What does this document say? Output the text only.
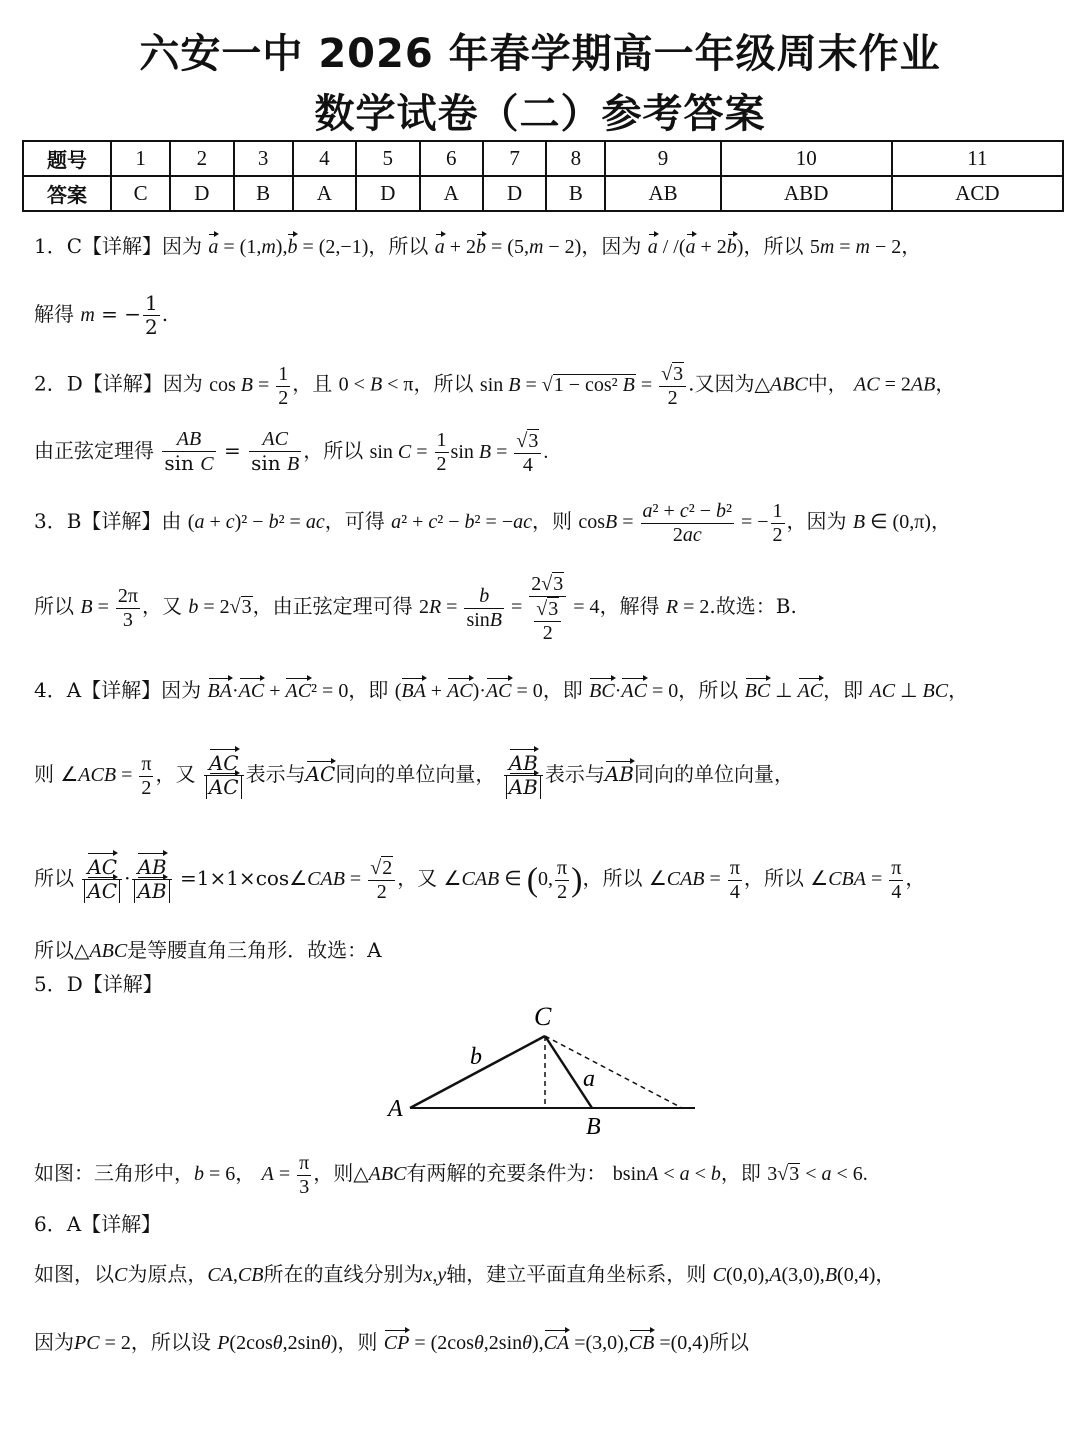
六安一中 2026 年春学期高一年级周末作业
数学试卷（二）参考答案
题号	1	2	3	4	5	6	7	8	9	10	11
答案	C	D	B	A	D	A	D	B	AB	ABD	ACD
1．C【详解】因为 a = (1,m),b = (2,−1)，所以 a + 2b = (5,m − 2)，因为 a / /(a + 2b)，所以 5m = m − 2，
解得 m = − $\frac{1}{2}$ .
2．D【详解】因为 $\cos B = \frac{1}{2}$ ，且 0 < B < π，所以 sin B = √1 − cos² $B = \frac{√3}{2}$ .又因为△ABC中， AC = 2AB，
由正弦定理得 $\frac{AB}{\text{sin C}} = \frac{AC}{\text{sin B}}$ ，所以 $\sin C = \frac{1}{2}$ $\sin B = \frac{√3}{4}$ .
3．B【详解】由 (a + c)² − b² = ac，可得 a² + c² − b² = −ac，则 $\cos B = \frac{\text{a² + c² − b²}}{2ac}$ = − $\frac{1}{2}$ ，因为 B ∈ (0,π)，
所以 $B = \frac{2\pi}{3}$ ，又 b = 2√3，由正弦定理可得 $2R = \frac{b}{\sin B} = \frac{2√3}{\frac{√3}{2}} = 4$，解得 R = 2.故选：B.
4．A【详解】因为 BA·AC + AC² = 0，即 (BA + AC)·AC = 0，即 BC·AC = 0，所以 BC ⊥ AC，即 AC ⊥ BC，
则 ∠ACB = $\frac{\pi}{2}$ ，又 $\frac{AC}{AC}$ 表示与AC同向的单位向量， $\frac{AB}{AB}$ 表示与AB同向的单位向量，
所以 $\frac{AC}{AC} \cdot \frac{AB}{AB}$ =1×1×cos∠CAB = $\frac{√2}{2}$ ，又 ∠CAB ∈ (0, $\frac{\pi}{2}$ )，所以 ∠CAB = $\frac{\pi}{4}$ ，所以 ∠CBA = $\frac{\pi}{4}$ ，
所以△ABC是等腰直角三角形．故选：A
5．D【详解】
C
A
B
b
a
如图：三角形中，b = 6， $A = \frac{\pi}{3}$ ，则△ABC有两解的充要条件为： bsinA < a < b，即 3√3 < a < 6.
6．A【详解】
如图，以C为原点，CA,CB所在的直线分别为x,y轴，建立平面直角坐标系，则 C(0,0),A(3,0),B(0,4)，
因为PC = 2，所以设 P(2cosθ,2sinθ)，则 CP = (2cosθ,2sinθ),CA =(3,0),CB =(0,4)所以
